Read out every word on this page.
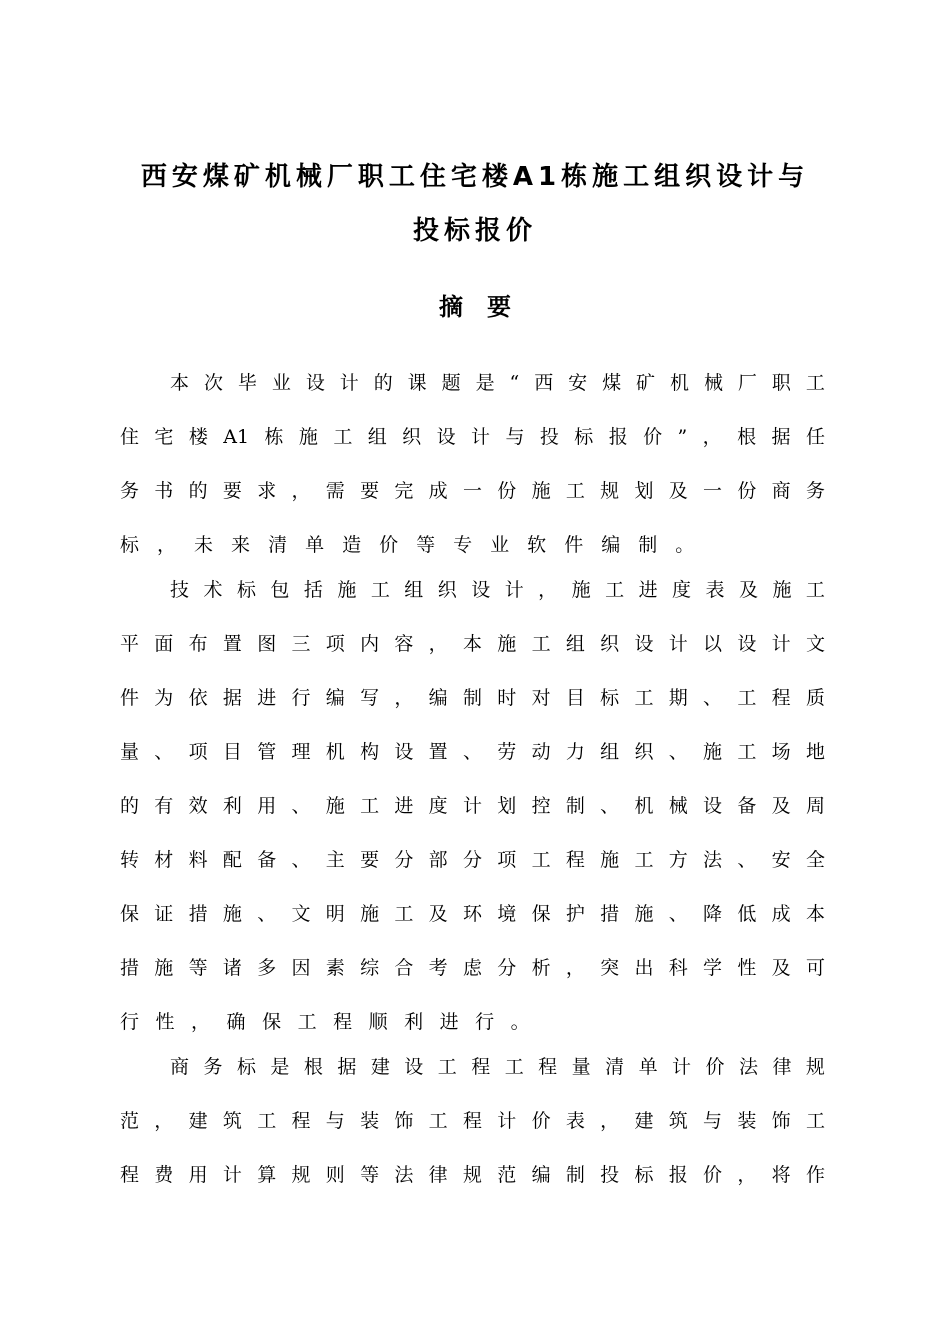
西安煤矿机械厂职工住宅楼A1栋施工组织设计与
投标报价
摘　要
本 次 毕 业 设 计 的 课 题 是 “ 西 安 煤 矿 机 械 厂 职 工
住 宅 楼 A1 栋 施 工 组 织 设 计 与 投 标 报 价 ” ， 根 据 任
务 书 的 要 求 ， 需 要 完 成 一 份 施 工 规 划 及 一 份 商 务
标 ， 未 来 清 单 造 价 等 专 业 软 件 编 制 。
技 术 标 包 括 施 工 组 织 设 计 ， 施 工 进 度 表 及 施 工
平 面 布 置 图 三 项 内 容 ， 本 施 工 组 织 设 计 以 设 计 文
件 为 依 据 进 行 编 写 ， 编 制 时 对 目 标 工 期 、 工 程 质
量 、 项 目 管 理 机 构 设 置 、 劳 动 力 组 织 、 施 工 场 地
的 有 效 利 用 、 施 工 进 度 计 划 控 制 、 机 械 设 备 及 周
转 材 料 配 备 、 主 要 分 部 分 项 工 程 施 工 方 法 、 安 全
保 证 措 施 、 文 明 施 工 及 环 境 保 护 措 施 、 降 低 成 本
措 施 等 诸 多 因 素 综 合 考 虑 分 析 ， 突 出 科 学 性 及 可
行 性 ， 确 保 工 程 顺 利 进 行 。
商 务 标 是 根 据 建 设 工 程 工 程 量 清 单 计 价 法 律 规
范 ， 建 筑 工 程 与 装 饰 工 程 计 价 表 ， 建 筑 与 装 饰 工
程 费 用 计 算 规 则 等 法 律 规 范 编 制 投 标 报 价 ， 将 作
